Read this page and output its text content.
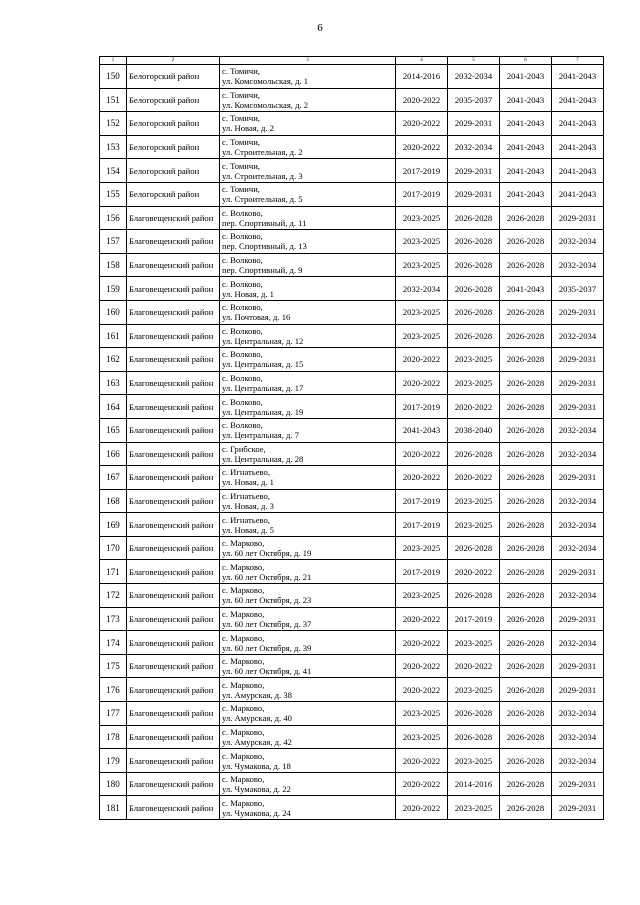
6
1	2	3	4	5	6	7
150	Белогорский район	с. Томичи,
ул. Комсомольская, д. 1	2014-2016	2032-2034	2041-2043	2041-2043
151	Белогорский район	с. Томичи,
ул. Комсомольская, д. 2	2020-2022	2035-2037	2041-2043	2041-2043
152	Белогорский район	с. Томичи,
ул. Новая, д. 2	2020-2022	2029-2031	2041-2043	2041-2043
153	Белогорский район	с. Томичи,
ул. Строительная, д. 2	2020-2022	2032-2034	2041-2043	2041-2043
154	Белогорский район	с. Томичи,
ул. Строительная, д. 3	2017-2019	2029-2031	2041-2043	2041-2043
155	Белогорский район	с. Томичи,
ул. Строительная, д. 5	2017-2019	2029-2031	2041-2043	2041-2043
156	Благовещенский район	с. Волково,
пер. Спортивный, д. 11	2023-2025	2026-2028	2026-2028	2029-2031
157	Благовещенский район	с. Волково,
пер. Спортивный, д. 13	2023-2025	2026-2028	2026-2028	2032-2034
158	Благовещенский район	с. Волково,
пер. Спортивный, д. 9	2023-2025	2026-2028	2026-2028	2032-2034
159	Благовещенский район	с. Волково,
ул. Новая, д. 1	2032-2034	2026-2028	2041-2043	2035-2037
160	Благовещенский район	с. Волково,
ул. Почтовая, д. 16	2023-2025	2026-2028	2026-2028	2029-2031
161	Благовещенский район	с. Волково,
ул. Центральная, д. 12	2023-2025	2026-2028	2026-2028	2032-2034
162	Благовещенский район	с. Волково,
ул. Центральная, д. 15	2020-2022	2023-2025	2026-2028	2029-2031
163	Благовещенский район	с. Волково,
ул. Центральная, д. 17	2020-2022	2023-2025	2026-2028	2029-2031
164	Благовещенский район	с. Волково,
ул. Центральная, д. 19	2017-2019	2020-2022	2026-2028	2029-2031
165	Благовещенский район	с. Волково,
ул. Центральная, д. 7	2041-2043	2038-2040	2026-2028	2032-2034
166	Благовещенский район	с. Грибское,
ул. Центральная, д. 28	2020-2022	2026-2028	2026-2028	2032-2034
167	Благовещенский район	с. Игнатьево,
ул. Новая, д. 1	2020-2022	2020-2022	2026-2028	2029-2031
168	Благовещенский район	с. Игнатьево,
ул. Новая, д. 3	2017-2019	2023-2025	2026-2028	2032-2034
169	Благовещенский район	с. Игнатьево,
ул. Новая, д. 5	2017-2019	2023-2025	2026-2028	2032-2034
170	Благовещенский район	с. Марково,
ул. 60 лет Октября, д. 19	2023-2025	2026-2028	2026-2028	2032-2034
171	Благовещенский район	с. Марково,
ул. 60 лет Октября, д. 21	2017-2019	2020-2022	2026-2028	2029-2031
172	Благовещенский район	с. Марково,
ул. 60 лет Октября, д. 23	2023-2025	2026-2028	2026-2028	2032-2034
173	Благовещенский район	с. Марково,
ул. 60 лет Октября, д. 37	2020-2022	2017-2019	2026-2028	2029-2031
174	Благовещенский район	с. Марково,
ул. 60 лет Октября, д. 39	2020-2022	2023-2025	2026-2028	2032-2034
175	Благовещенский район	с. Марково,
ул. 60 лет Октября, д. 41	2020-2022	2020-2022	2026-2028	2029-2031
176	Благовещенский район	с. Марково,
ул. Амурская, д. 38	2020-2022	2023-2025	2026-2028	2029-2031
177	Благовещенский район	с. Марково,
ул. Амурская, д. 40	2023-2025	2026-2028	2026-2028	2032-2034
178	Благовещенский район	с. Марково,
ул. Амурская, д. 42	2023-2025	2026-2028	2026-2028	2032-2034
179	Благовещенский район	с. Марково,
ул. Чумакова, д. 18	2020-2022	2023-2025	2026-2028	2032-2034
180	Благовещенский район	с. Марково,
ул. Чумакова, д. 22	2020-2022	2014-2016	2026-2028	2029-2031
181	Благовещенский район	с. Марково,
ул. Чумакова, д. 24	2020-2022	2023-2025	2026-2028	2029-2031
